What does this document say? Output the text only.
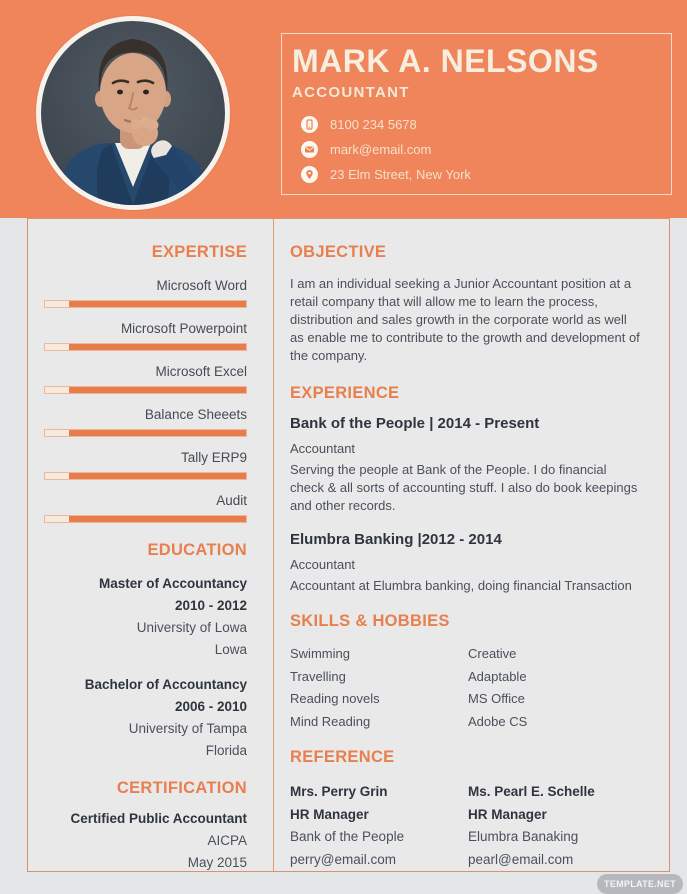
MARK A. NELSONS
ACCOUNTANT
8100 234 5678
mark@email.com
23 Elm Street, New York
EXPERTISE
Microsoft Word
Microsoft Powerpoint
Microsoft Excel
Balance Sheeets
Tally ERP9
Audit
EDUCATION
Master of Accountancy
2010 - 2012
University of Lowa
Lowa
Bachelor of Accountancy
2006 - 2010
University of Tampa
Florida
CERTIFICATION
Certified Public Accountant
AICPA
May 2015
OBJECTIVE
I am an individual seeking a Junior Accountant position at a retail company that will allow me to learn the process, distribution and sales growth in the corporate world as well as enable me to contribute to the growth and development of the company.
EXPERIENCE
Bank of the People | 2014 - Present
Accountant
Serving the people at Bank of the People. I do financial check & all sorts of accounting stuff. I also do book keepings and other records.
Elumbra Banking |2012 - 2014
Accountant
Accountant at Elumbra banking, doing financial Transaction
SKILLS & HOBBIES
Swimming
Travelling
Reading novels
Mind Reading
Creative
Adaptable
MS Office
Adobe CS
REFERENCE
Mrs. Perry Grin
HR Manager
Bank of the People
perry@email.com
Ms. Pearl E. Schelle
HR Manager
Elumbra Banaking
pearl@email.com
TEMPLATE.NET
